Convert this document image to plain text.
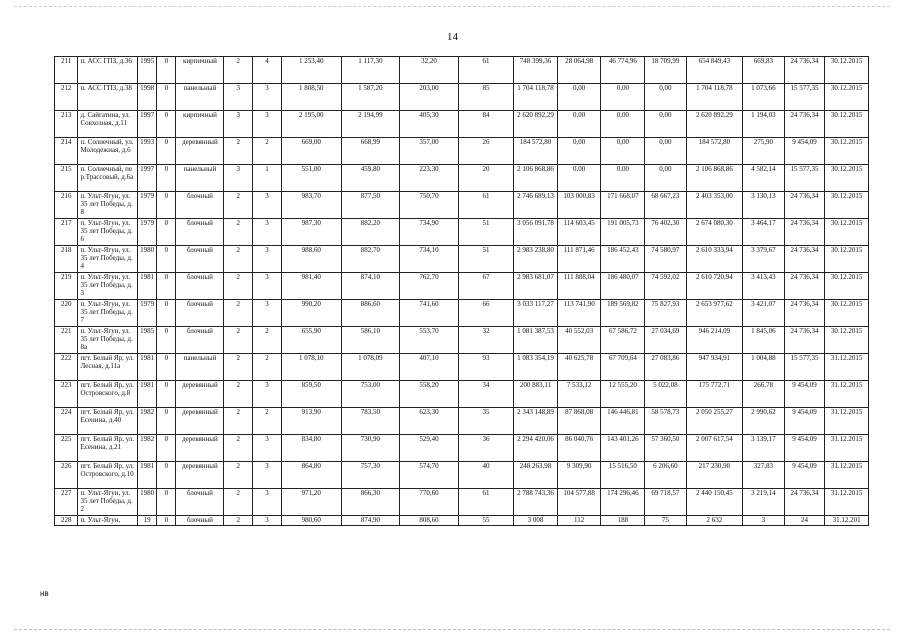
14
211	п. АСС ГПЗ, д.36	1995	0	кирпичный	2	4	1 253,40	1 117,30	32,20	61	748 399,36	28 064,98	46 774,96	18 709,99	654 849,43	669,83	24 736,34	30.12.2015
212	п. АСС ГПЗ, д.38	1998	0	панельный	3	3	1 808,50	1 587,20	203,00	85	1 704 118,78	0,00	0,00	0,00	1 704 118,78	1 073,66	15 577,35	30.12.2015
213	д. Сайгатина, ул. Совхозная, д.11	1997	0	кирпичный	3	3	2 195,00	2 194,99	405,30	84	2 620 892,29	0,00	0,00	0,00	2 620 892,29	1 194,03	24 736,34	30.12.2015
214	п. Солнечный, ул.Молодежная, д.6	1993	0	деревянный	2	2	669,00	668,99	357,00	26	184 572,80	0,00	0,00	0,00	184 572,80	275,90	9 454,09	30.12.2015
215	п. Солнечный, пер.Трассовый, д.6а	1997	0	панельный	3	1	551,00	459,80	223,30	20	2 106 868,86	0,00	0,00	0,00	2 106 868,86	4 582,14	15 577,35	30.12.2015
216	п. Ульт-Ягун, ул. 35 лет Победы, д.8	1979	0	блочный	2	3	983,70	877,50	750,70	61	2 746 689,13	103 000,83	171 668,07	68 667,23	2 403 353,00	3 130,13	24 736,34	30.12.2015
217	п. Ульт-Ягун, ул. 35 лет Победы, д.6	1979	0	блочный	2	3	987,30	882,20	734,90	51	3 056 091,78	114 603,45	191 005,73	76 402,30	2 674 080,30	3 464,17	24 736,34	30.12.2015
218	п. Ульт-Ягун, ул. 35 лет Победы, д.4	1980	0	блочный	2	3	988,60	882,70	734,10	51	2 983 238,80	111 871,46	186 452,43	74 580,97	2 610 333,94	3 379,67	24 736,34	30.12.2015
219	п. Ульт-Ягун, ул. 35 лет Победы, д.3	1981	0	блочный	2	3	981,40	874,10	762,70	67	2 983 681,07	111 888,04	186 480,07	74 592,02	2 610 720,94	3 413,43	24 736,34	30.12.2015
220	п. Ульт-Ягун, ул. 35 лет Победы, д.7	1979	0	блочный	2	3	990,20	886,60	741,60	66	3 033 117,27	113 741,90	189 569,82	75 827,93	2 653 977,62	3 421,07	24 736,34	30.12.2015
221	п. Ульт-Ягун, ул. 35 лет Победы, д.8а	1985	0	блочный	2	2	655,90	586,10	553,70	32	1 081 387,53	40 552,03	67 586,72	27 034,69	946 214,09	1 845,06	24 736,34	30.12.2015
222	пгт. Белый Яр, ул. Лесная, д.11а	1981	0	панельный	2	2	1 078,10	1 078,09	407,10	93	1 083 354,19	40 625,78	67 709,64	27 083,86	947 934,91	1 004,88	15 577,35	31.12.2015
223	пгт. Белый Яр, ул. Островского, д.8	1981	0	деревянный	2	3	859,50	753,00	558,20	34	200 883,11	7 533,12	12 555,20	5 022,08	175 772,71	266,78	9 454,09	31.12.2015
224	пгт. Белый Яр, ул. Есенина, д.40	1982	0	деревянный	2	2	913,90	783,50	623,30	35	2 343 148,89	87 868,08	146 446,81	58 578,73	2 050 255,27	2 990,62	9 454,09	31.12.2015
225	пгт. Белый Яр, ул. Есенина, д.21	1982	0	деревянный	2	3	834,80	730,90	529,40	36	2 294 420,06	86 040,76	143 401,26	57 360,50	2 007 617,54	3 139,17	9 454,09	31.12.2015
226	пгт. Белый Яр, ул. Островского, д.10	1981	0	деревянный	2	3	864,80	757,30	574,70	40	248 263,98	9 309,90	15 516,50	6 206,60	217 230,98	327,83	9 454,09	31.12.2015
227	п. Ульт-Ягун, ул. 35 лет Победы, д. 2	1980	0	блочный	2	3	971,20	866,30	770,60	61	2 788 743,36	104 577,88	174 296,46	69 718,57	2 440 150,45	3 219,14	24 736,34	31.12.2015
228	п. Ульт-Ягун,	19	0	блочный	2	3	980,60	874,90	808,60	55	3 008	112	188	75	2 632	3	24	31.12.201
нв
